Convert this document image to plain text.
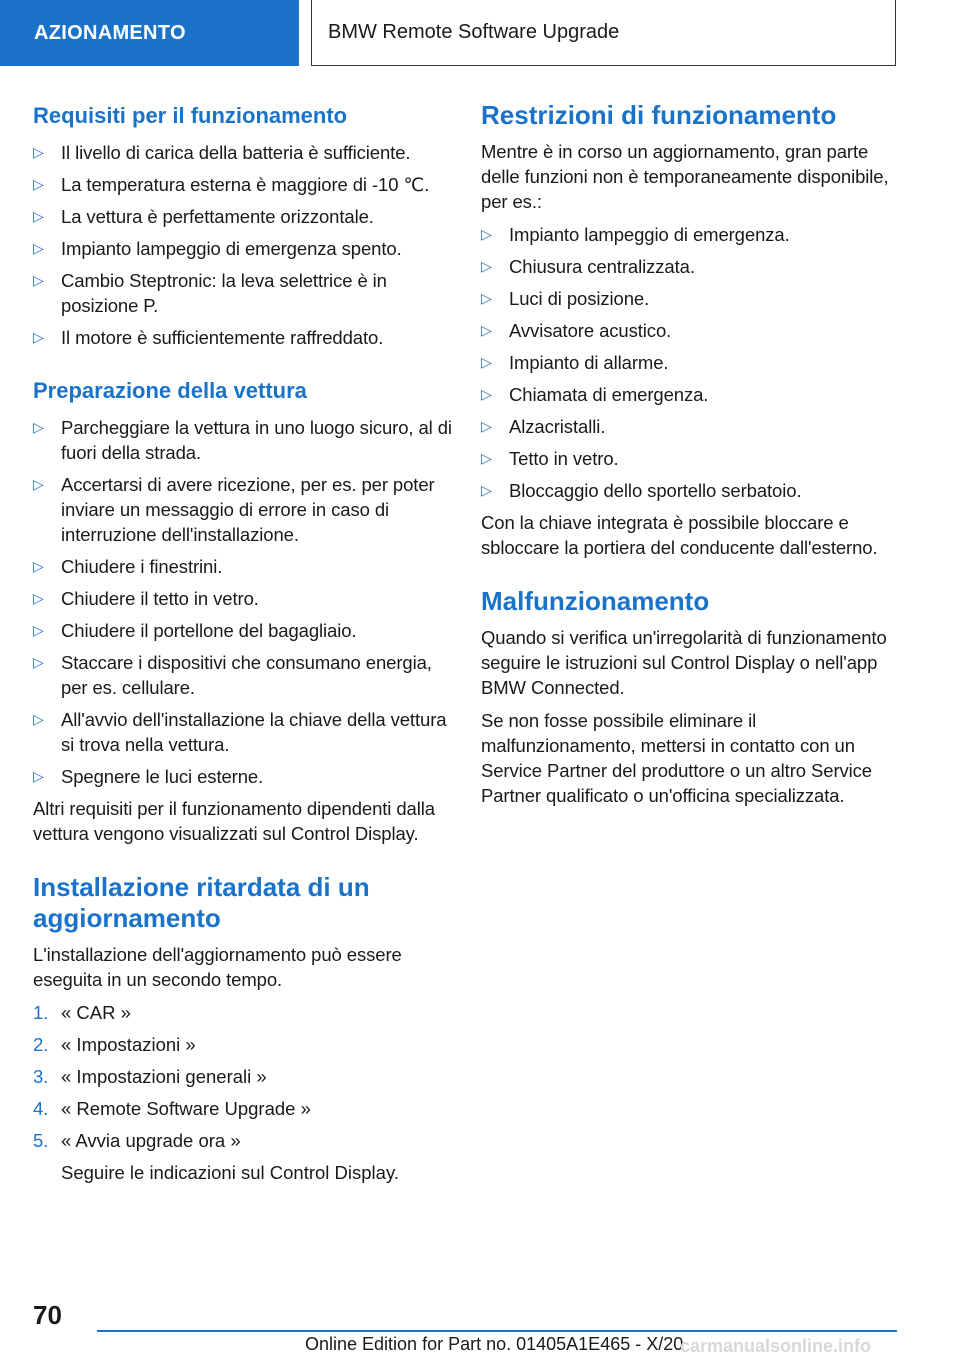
AZIONAMENTO	BMW Remote Software Upgrade
Requisiti per il funzionamento
▷ Il livello di carica della batteria è sufficiente.
▷ La temperatura esterna è maggiore di -10 ℃.
▷ La vettura è perfettamente orizzontale.
▷ Impianto lampeggio di emergenza spento.
▷ Cambio Steptronic: la leva selettrice è in posizione P.
▷ Il motore è sufficientemente raffreddato.
Preparazione della vettura
▷ Parcheggiare la vettura in uno luogo sicuro, al di fuori della strada.
▷ Accertarsi di avere ricezione, per es. per poter inviare un messaggio di errore in caso di interruzione dell'installazione.
▷ Chiudere i finestrini.
▷ Chiudere il tetto in vetro.
▷ Chiudere il portellone del bagagliaio.
▷ Staccare i dispositivi che consumano energia, per es. cellulare.
▷ All'avvio dell'installazione la chiave della vettura si trova nella vettura.
▷ Spegnere le luci esterne.

Altri requisiti per il funzionamento dipendenti dalla vettura vengono visualizzati sul Control Display.

Installazione ritardata di un aggiornamento

L'installazione dell'aggiornamento può essere eseguita in un secondo tempo.

1. « CAR »
2. « Impostazioni »
3. « Impostazioni generali »
4. « Remote Software Upgrade »
5. « Avvia upgrade ora »
Seguire le indicazioni sul Control Display.
Restrizioni di funzionamento

Mentre è in corso un aggiornamento, gran parte delle funzioni non è temporaneamente disponibile, per es.:

▷ Impianto lampeggio di emergenza.
▷ Chiusura centralizzata.
▷ Luci di posizione.
▷ Avvisatore acustico.
▷ Impianto di allarme.
▷ Chiamata di emergenza.
▷ Alzacristalli.
▷ Tetto in vetro.
▷ Bloccaggio dello sportello serbatoio.

Con la chiave integrata è possibile bloccare e sbloccare la portiera del conducente dall'esterno.

Malfunzionamento

Quando si verifica un'irregolarità di funzionamento seguire le istruzioni sul Control Display o nell'app BMW Connected.

Se non fosse possibile eliminare il malfunzionamento, mettersi in contatto con un Service Partner del produttore o un altro Service Partner qualificato o un'officina specializzata.

70
Online Edition for Part no. 01405A1E465 - X/20
carmanualsonline.info
